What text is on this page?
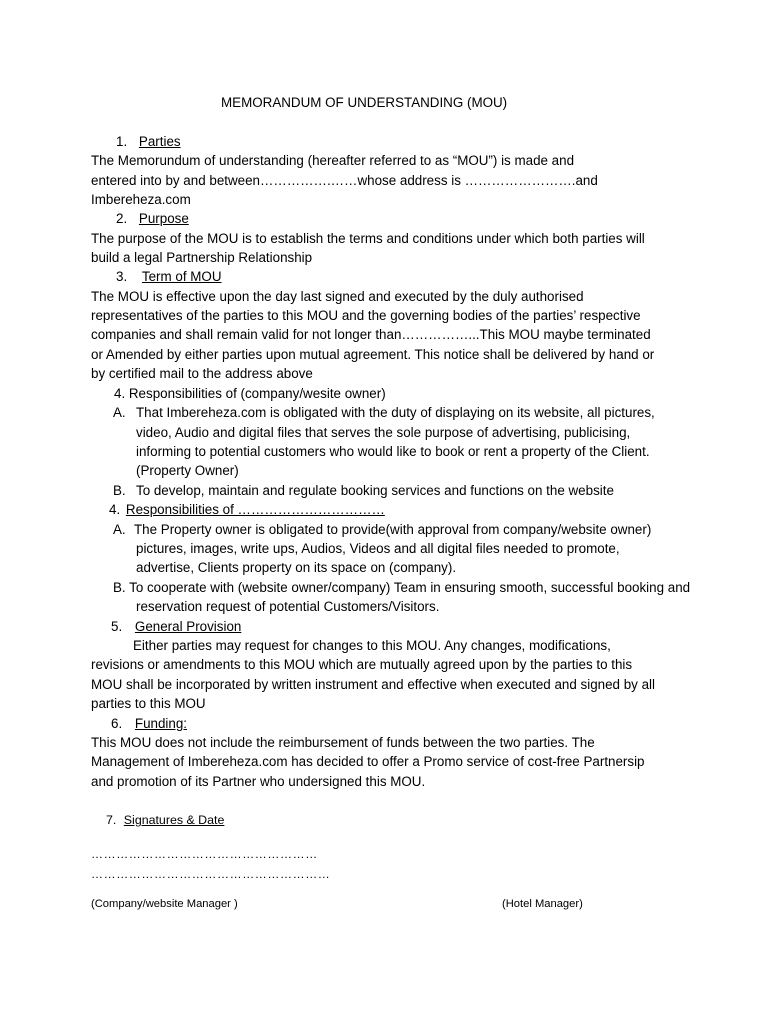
MEMORANDUM OF UNDERSTANDING (MOU)

1. Parties

The Memorundum of understanding (hereafter referred to as “MOU”) is made and

entered into by and between…………….……whose address is …………………….and

Imbereheza.com

2. Purpose

The purpose of the MOU is to establish the terms and conditions under which both parties will

build a legal Partnership Relationship

3. Term of MOU

The MOU is effective upon the day last signed and executed by the duly authorised

representatives of the parties to this MOU and the governing bodies of the parties’ respective

companies and shall remain valid for not longer than……………...This MOU maybe terminated

or Amended by either parties upon mutual agreement. This notice shall be delivered by hand or

by certified mail to the address above

4. Responsibilities of (company/wesite owner)

A. That Imbereheza.com is obligated with the duty of displaying on its website, all pictures,

video, Audio and digital files that serves the sole purpose of advertising, publicising,

informing to potential customers who would like to book or rent a property of the Client.

(Property Owner)

B. To develop, maintain and regulate booking services and functions on the website

4. Responsibilities of ……………………………

A. The Property owner is obligated to provide(with approval from company/website owner)

pictures, images, write ups, Audios, Videos and all digital files needed to promote,

advertise, Clients property on its space on (company).

B. To cooperate with (website owner/company) Team in ensuring smooth, successful booking and

reservation request of potential Customers/Visitors.

5. General Provision

Either parties may request for changes to this MOU. Any changes, modifications,

revisions or amendments to this MOU which are mutually agreed upon by the parties to this

MOU shall be incorporated by written instrument and effective when executed and signed by all

parties to this MOU

6. Funding:

This MOU does not include the reimbursement of funds between the two parties. The

Management of Imbereheza.com has decided to offer a Promo service of cost-free Partnersip

and promotion of its Partner who undersigned this MOU.

7. Signatures & Date

………………………………………………

…………………………………………………

(Company/website Manager )	(Hotel Manager)
